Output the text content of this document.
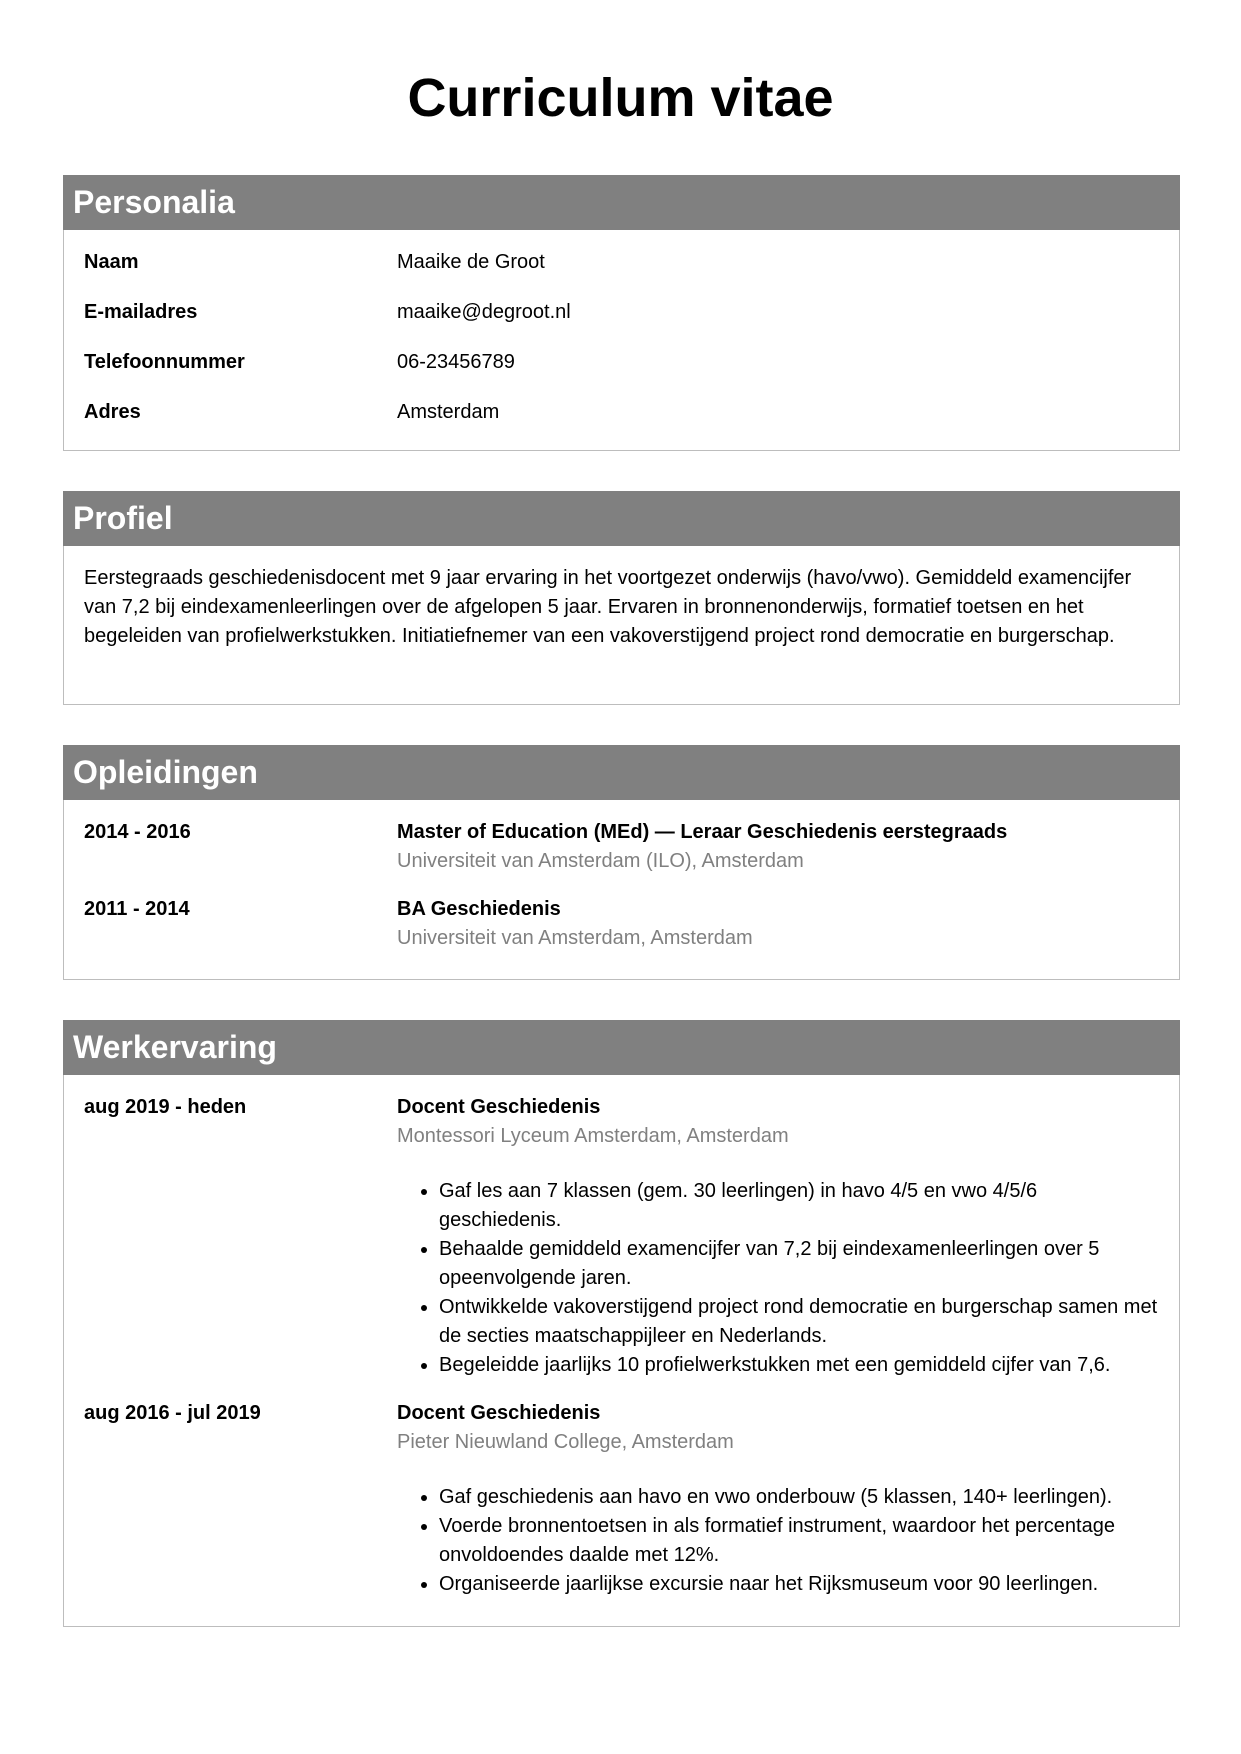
Curriculum vitae
Personalia
Naam	Maaike de Groot
E-mailadres	maaike@degroot.nl
Telefoonnummer	06-23456789
Adres	Amsterdam
Profiel

Eerstegraads geschiedenisdocent met 9 jaar ervaring in het voortgezet onderwijs (havo/vwo). Gemiddeld examencijfer van 7,2 bij eindexamenleerlingen over de afgelopen 5 jaar. Ervaren in bronnenonderwijs, formatief toetsen en het begeleiden van profielwerkstukken. Initiatiefnemer van een vakoverstijgend project rond democratie en burgerschap.

Opleidingen
2014 - 2016	Master of Education (MEd) — Leraar Geschiedenis eerstegraads
Universiteit van Amsterdam (ILO), Amsterdam
2011 - 2014	BA Geschiedenis
Universiteit van Amsterdam, Amsterdam
Werkervaring
aug 2019 - heden	Docent Geschiedenis
Montessori Lyceum Amsterdam, Amsterdam
• Gaf les aan 7 klassen (gem. 30 leerlingen) in havo 4/5 en vwo 4/5/6 geschiedenis.
• Behaalde gemiddeld examencijfer van 7,2 bij eindexamenleerlingen over 5 opeenvolgende jaren.
• Ontwikkelde vakoverstijgend project rond democratie en burgerschap samen met de secties maatschappijleer en Nederlands.
• Begeleidde jaarlijks 10 profielwerkstukken met een gemiddeld cijfer van 7,6.
aug 2016 - jul 2019	Docent Geschiedenis
Pieter Nieuwland College, Amsterdam
• Gaf geschiedenis aan havo en vwo onderbouw (5 klassen, 140+ leerlingen).
• Voerde bronnentoetsen in als formatief instrument, waardoor het percentage onvoldoendes daalde met 12%.
• Organiseerde jaarlijkse excursie naar het Rijksmuseum voor 90 leerlingen.
